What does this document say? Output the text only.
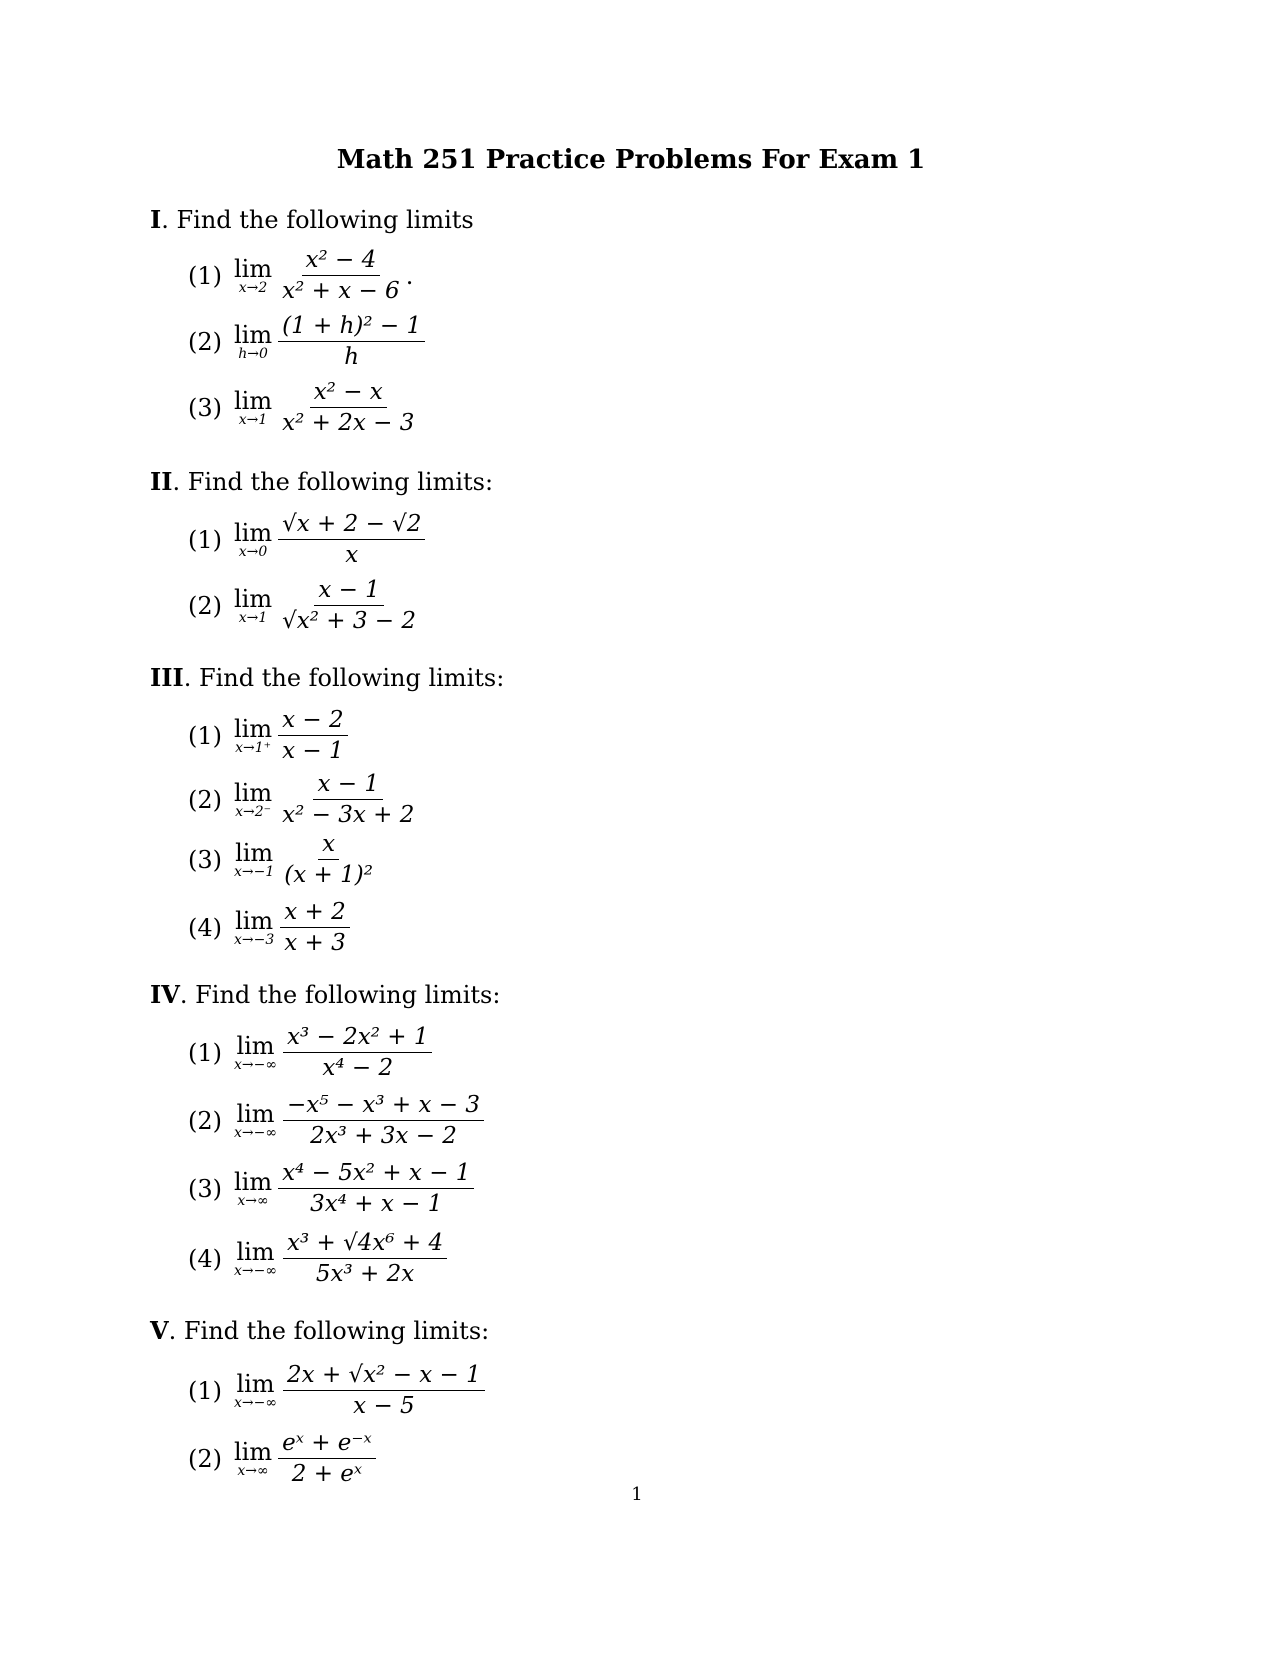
Math 251 Practice Problems For Exam 1
I. Find the following limits
(1) lim
$x\to 2 \frac{\text{x² − 4}}{\text{x² + x − 6}}$ .
(2) lim
$h\to 0 \frac{\text{(1 + h)² − 1}}{h}$
(3) lim
$x\to 1 \frac{\text{x² − x}}{\text{x² + 2x − 3}}$
II. Find the following limits:
(1) lim
$x\to 0 \frac{√x + 2 - √2}{x}$
(2) lim
$x\to 1 \frac{x - 1}{\text{√x² + 3 − 2}}$
III. Find the following limits:
(1) lim
$x\to 1^+ \frac{x - 2}{x - 1}$
(2) lim
$x\to 2^- \frac{x - 1}{\text{x² − 3x + 2}}$
(3) lim
$x\to-1 \frac{x}{\text{(x + 1)²}}$
(4) lim
$x\to-3 \frac{x + 2}{x + 3}$
IV. Find the following limits:
(1) lim
$x\to-\infty \frac{\text{x³ − 2x² + 1}}{\text{x⁴ − 2}}$
(2) lim
$x\to-\infty \frac{\text{−x⁵ − x³ + x − 3}}{\text{2x³ + 3x − 2}}$
(3) lim
$x\to\infty \frac{\text{x⁴ − 5x² + x − 1}}{\text{3x⁴ + x − 1}}$
(4) lim
$x\to-\infty \frac{\text{x³ + √4x⁶ + 4}}{\text{5x³ + 2x}}$
V. Find the following limits:
(1) lim
$x\to-\infty \frac{\text{2x + √x² − x − 1}}{x - 5}$
(2) lim
$x\to\infty \frac{\text{eˣ + e⁻ˣ}}{\text{2 + eˣ}}$
1
